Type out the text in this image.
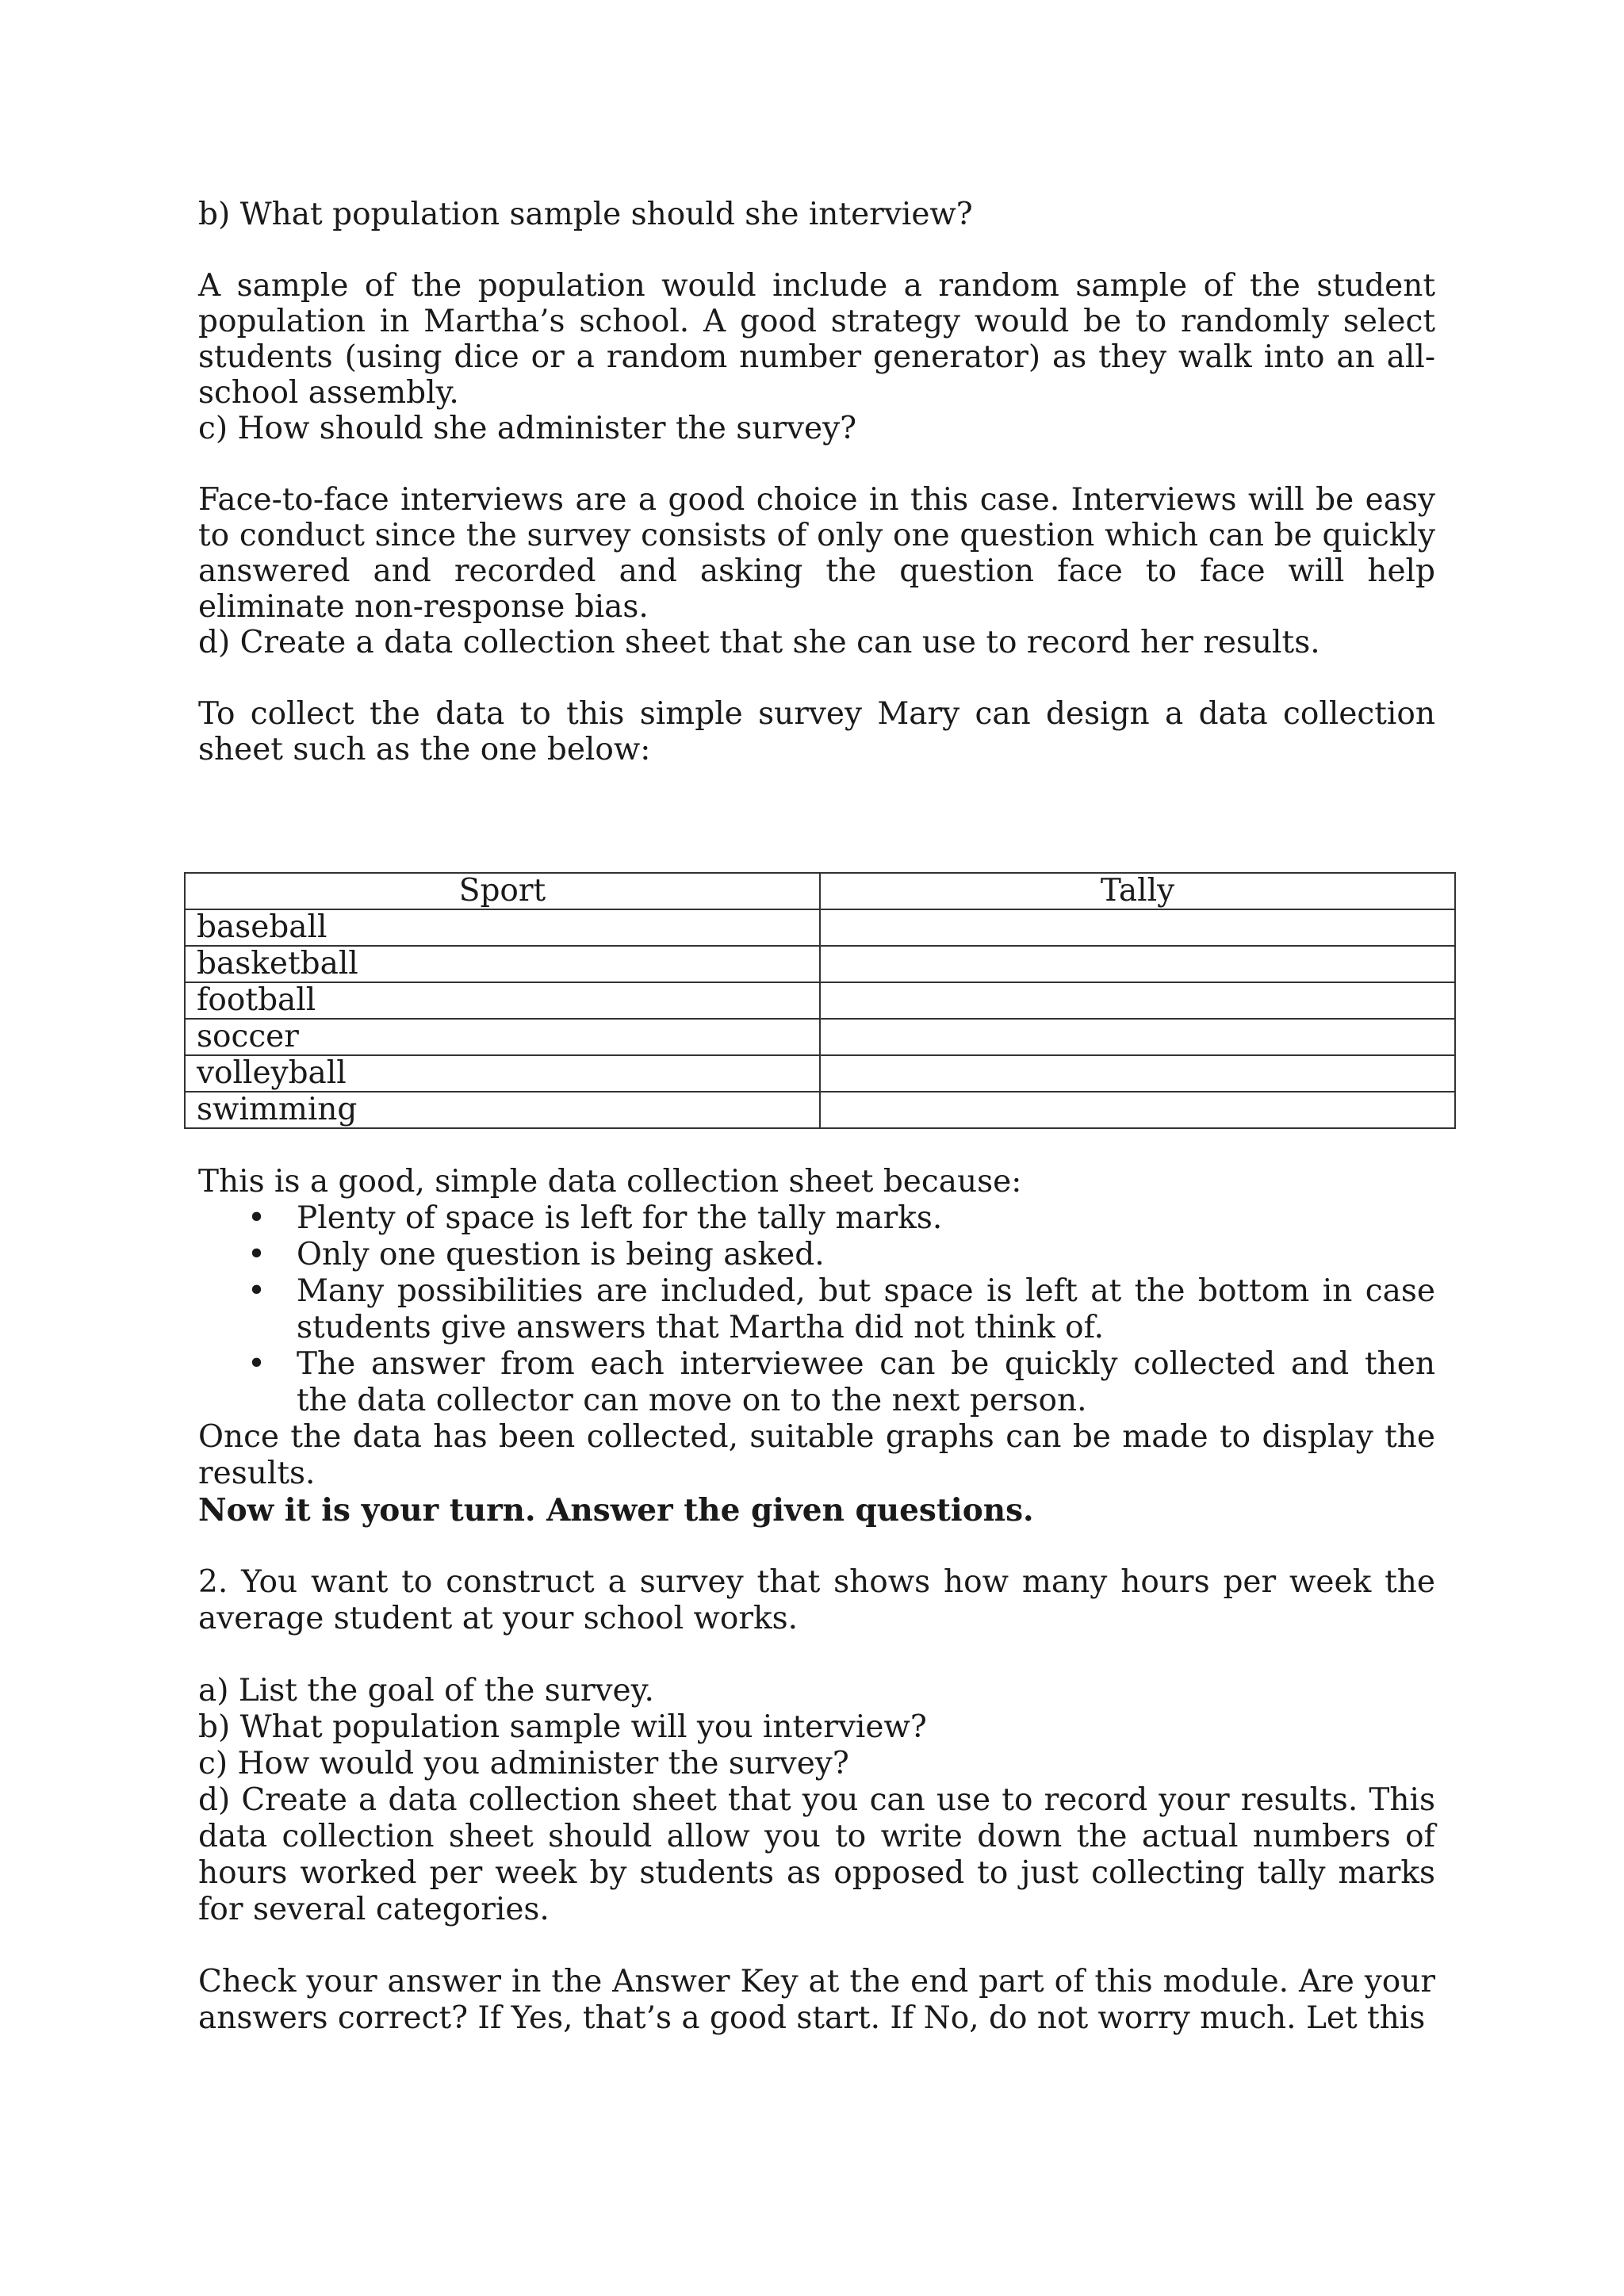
b) What population sample should she interview?

A sample of the population would include a random sample of the student population in Martha’s school. A good strategy would be to randomly select students (using dice or a random number generator) as they walk into an all-school assembly.

c) How should she administer the survey?

Face-to-face interviews are a good choice in this case. Interviews will be easy to conduct since the survey consists of only one question which can be quickly answered and recorded and asking the question face to face will help eliminate non-response bias.

d) Create a data collection sheet that she can use to record her results.

To collect the data to this simple survey Mary can design a data collection sheet such as the one below:

Sport	Tally
baseball	
basketball	
football	
soccer	
volleyball	
swimming	

This is a good, simple data collection sheet because:

• Plenty of space is left for the tally marks.
• Only one question is being asked.
• Many possibilities are included, but space is left at the bottom in case students give answers that Martha did not think of.
• The answer from each interviewee can be quickly collected and then the data collector can move on to the next person.

Once the data has been collected, suitable graphs can be made to display the results.

Now it is your turn. Answer the given questions.

2. You want to construct a survey that shows how many hours per week the average student at your school works.

a) List the goal of the survey.

b) What population sample will you interview?

c) How would you administer the survey?

d) Create a data collection sheet that you can use to record your results. This data collection sheet should allow you to write down the actual numbers of hours worked per week by students as opposed to just collecting tally marks for several categories.

Check your answer in the Answer Key at the end part of this module. Are your answers correct? If Yes, that’s a good start. If No, do not worry much. Let this
